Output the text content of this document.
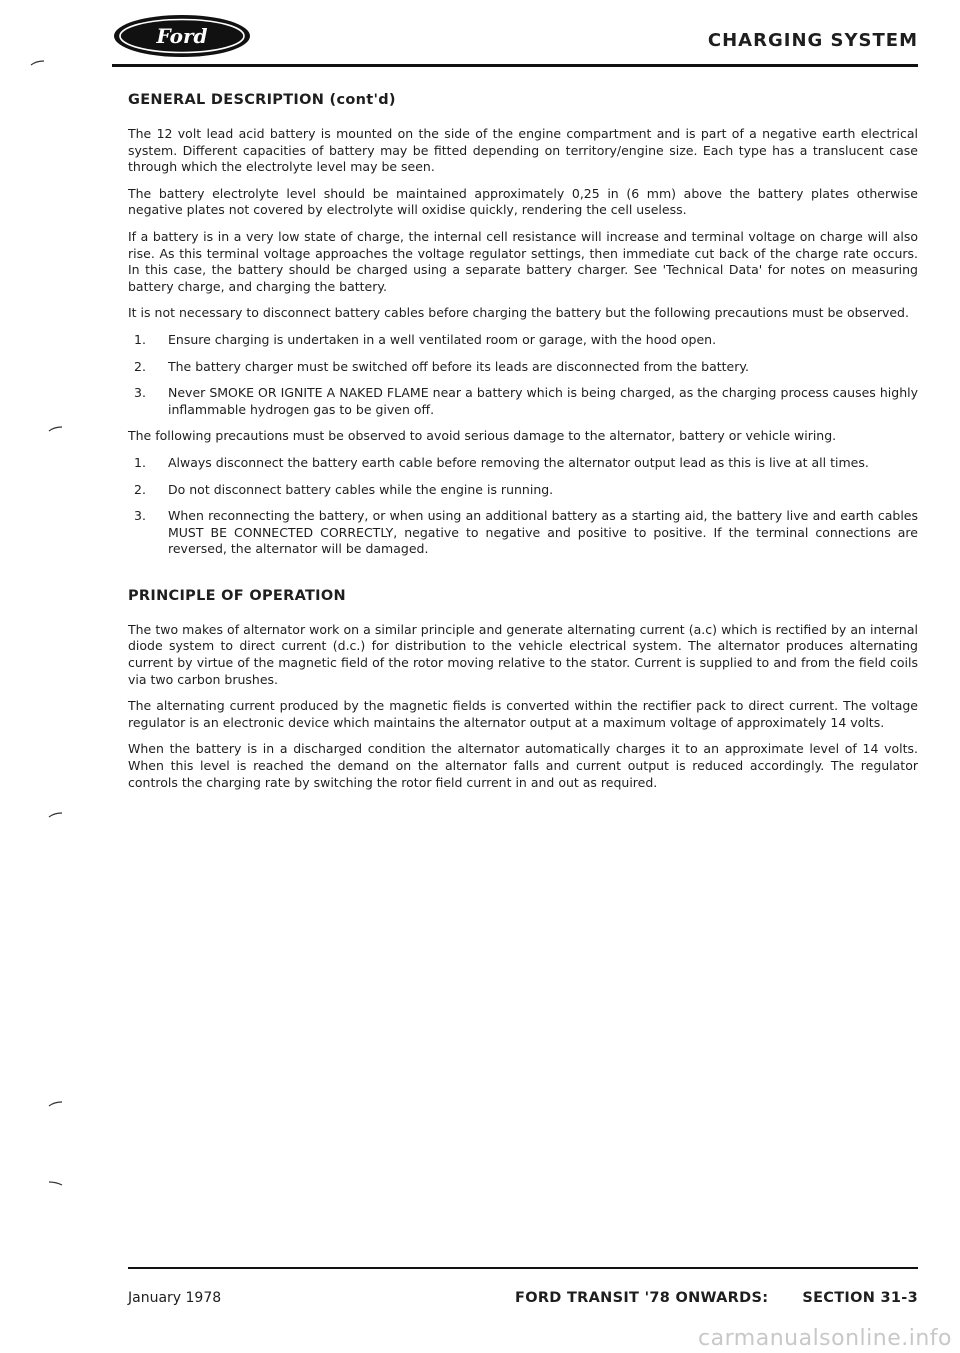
Ford	CHARGING SYSTEM
GENERAL DESCRIPTION (cont'd)

The 12 volt lead acid battery is mounted on the side of the engine compartment and is part of a negative earth electrical system. Different capacities of battery may be fitted depending on territory/engine size. Each type has a translucent case through which the electrolyte level may be seen.

The battery electrolyte level should be maintained approximately 0,25 in (6 mm) above the battery plates otherwise negative plates not covered by electrolyte will oxidise quickly, rendering the cell useless.

If a battery is in a very low state of charge, the internal cell resistance will increase and terminal voltage on charge will also rise. As this terminal voltage approaches the voltage regulator settings, then immediate cut back of the charge rate occurs. In this case, the battery should be charged using a separate battery charger. See 'Technical Data' for notes on measuring battery charge, and charging the battery.

It is not necessary to disconnect battery cables before charging the battery but the following precautions must be observed.

1.	Ensure charging is undertaken in a well ventilated room or garage, with the hood open.
2.	The battery charger must be switched off before its leads are disconnected from the battery.
3.	Never SMOKE OR IGNITE A NAKED FLAME near a battery which is being charged, as the charging process causes highly inflammable hydrogen gas to be given off.

The following precautions must be observed to avoid serious damage to the alternator, battery or vehicle wiring.

1.	Always disconnect the battery earth cable before removing the alternator output lead as this is live at all times.
2.	Do not disconnect battery cables while the engine is running.
3.	When reconnecting the battery, or when using an additional battery as a starting aid, the battery live and earth cables MUST BE CONNECTED CORRECTLY, negative to negative and positive to positive. If the terminal connections are reversed, the alternator will be damaged.
PRINCIPLE OF OPERATION

The two makes of alternator work on a similar principle and generate alternating current (a.c) which is rectified by an internal diode system to direct current (d.c.) for distribution to the vehicle electrical system. The alternator produces alternating current by virtue of the magnetic field of the rotor moving relative to the stator. Current is supplied to and from the field coils via two carbon brushes.

The alternating current produced by the magnetic fields is converted within the rectifier pack to direct current. The voltage regulator is an electronic device which maintains the alternator output at a maximum voltage of approximately 14 volts.

When the battery is in a discharged condition the alternator automatically charges it to an approximate level of 14 volts. When this level is reached the demand on the alternator falls and current output is reduced accordingly. The regulator controls the charging rate by switching the rotor field current in and out as required.

January 1978	FORD TRANSIT '78 ONWARDS: SECTION 31-3
carmanualsonline.info
